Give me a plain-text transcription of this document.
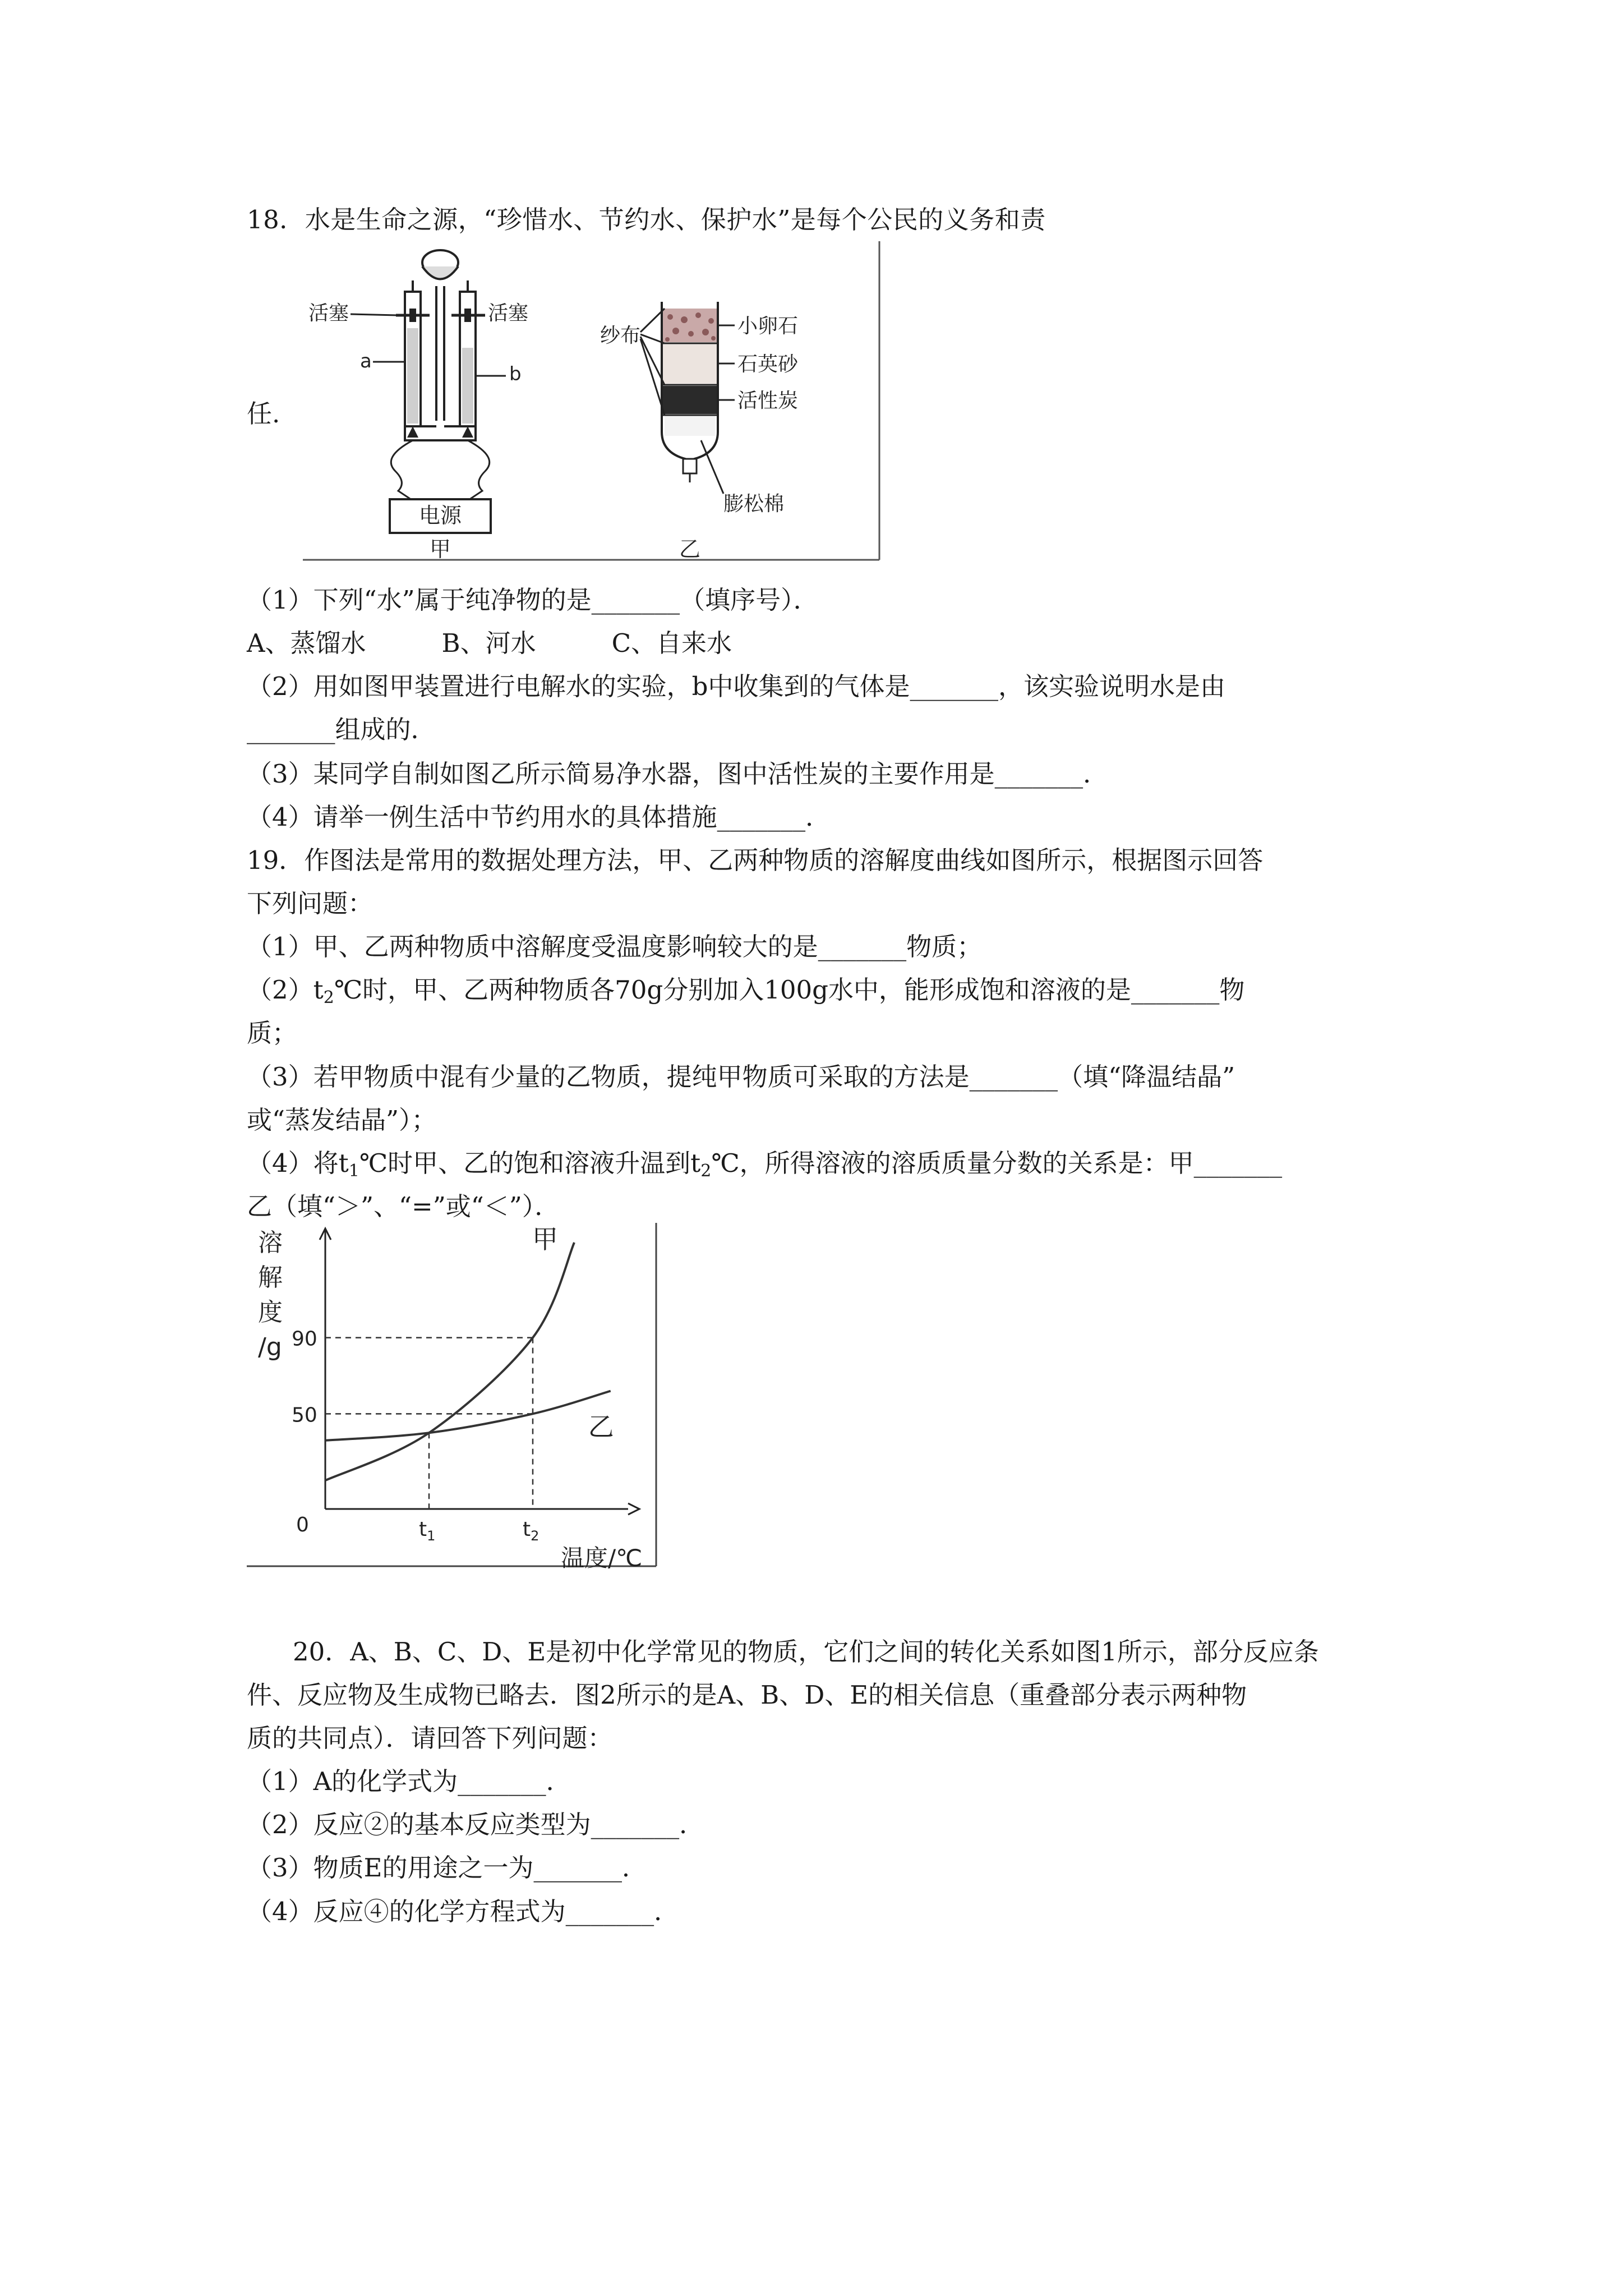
18．水是生命之源，“珍惜水、节约水、保护水”是每个公民的义务和责
任.
电源
活塞	活塞
a
b
甲
纱布	小卵石
石英砂
活性炭
膨松棉
乙
（1）下列“水”属于纯净物的是_______（填序号）．
A、蒸馏水　　　B、河水　　　C、自来水
（2）用如图甲装置进行电解水的实验，b中收集到的气体是_______，该实验说明水是由
_______组成的．
（3）某同学自制如图乙所示简易净水器，图中活性炭的主要作用是_______．
（4）请举一例生活中节约用水的具体措施_______．
19．作图法是常用的数据处理方法，甲、乙两种物质的溶解度曲线如图所示，根据图示回答
下列问题：
（1）甲、乙两种物质中溶解度受温度影响较大的是_______物质；
$(2)t_2℃$时，甲、乙两种物质各70g分别加入100g水中，能形成饱和溶液的是_______物
质；
（3）若甲物质中混有少量的乙物质，提纯甲物质可采取的方法是_______（填“降温结晶”
或“蒸发结晶”）；
（4）将$t_1℃$时甲、乙的饱和溶液升温到$t_2℃$，所得溶液的溶质质量分数的关系是：甲_______
乙（填“＞”、“=”或“＜”）．
溶
解
度
/g
0
50
90
$t_1$	$t_2$
温度/℃
甲
乙
20．A、B、C、D、E是初中化学常见的物质，它们之间的转化关系如图1所示，部分反应条
件、反应物及生成物已略去．图2所示的是A、B、D、E的相关信息（重叠部分表示两种物
质的共同点）．请回答下列问题：
（1）A的化学式为_______．
（2）反应②的基本反应类型为_______．
（3）物质E的用途之一为_______．
（4）反应④的化学方程式为_______．
